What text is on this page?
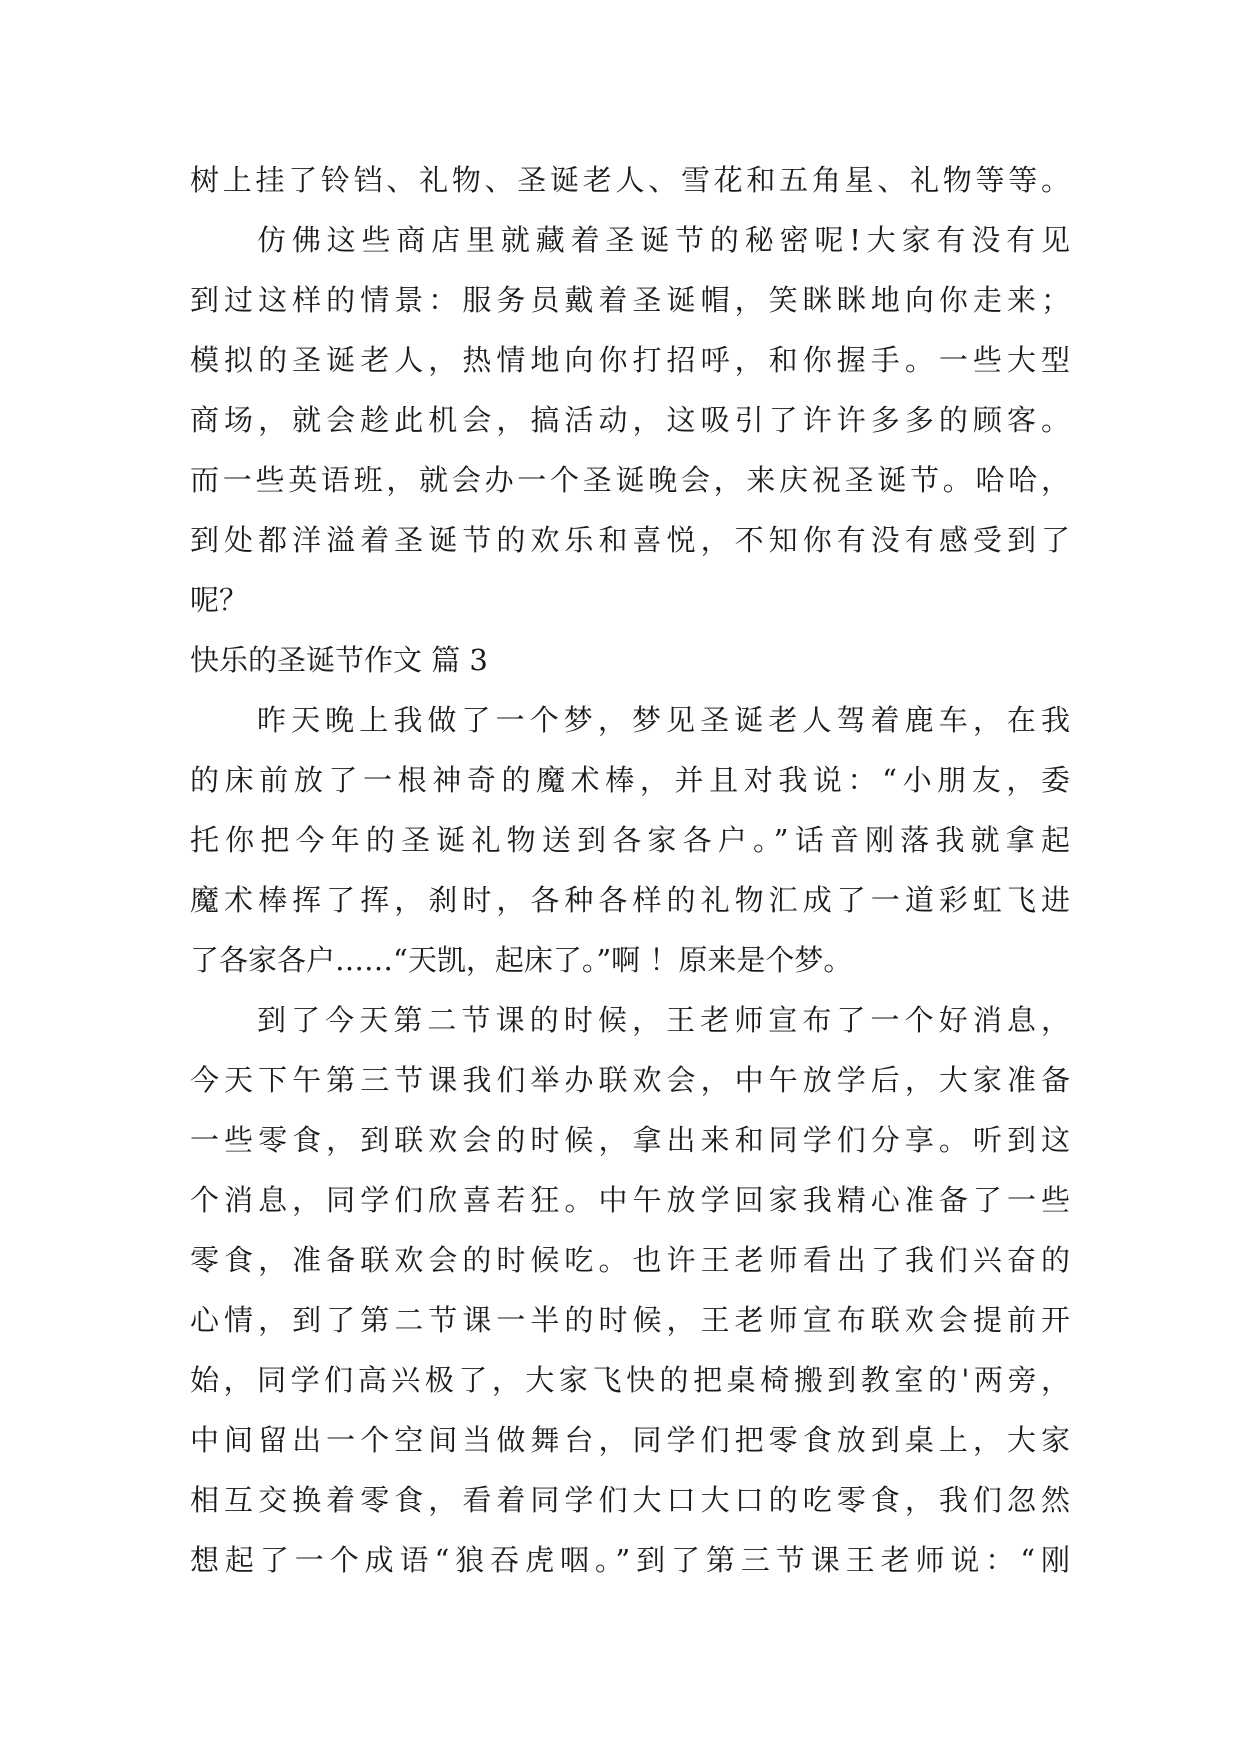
树上挂了铃铛、礼物、圣诞老人、雪花和五角星、礼物等等。
仿佛这些商店里就藏着圣诞节的秘密呢!大家有没有见
到过这样的情景：服务员戴着圣诞帽，笑眯眯地向你走来；
模拟的圣诞老人，热情地向你打招呼，和你握手。一些大型
商场，就会趁此机会，搞活动，这吸引了许许多多的顾客。
而一些英语班，就会办一个圣诞晚会，来庆祝圣诞节。哈哈，
到处都洋溢着圣诞节的欢乐和喜悦，不知你有没有感受到了
呢？
快乐的圣诞节作文 篇 3
昨天晚上我做了一个梦，梦见圣诞老人驾着鹿车，在我
的床前放了一根神奇的魔术棒，并且对我说：“小朋友，委
托你把今年的圣诞礼物送到各家各户。”话音刚落我就拿起
魔术棒挥了挥，刹时，各种各样的礼物汇成了一道彩虹飞进
了各家各户……“天凯，起床了。”啊 ！原来是个梦。
到了今天第二节课的时候，王老师宣布了一个好消息，
今天下午第三节课我们举办联欢会，中午放学后，大家准备
一些零食，到联欢会的时候，拿出来和同学们分享。听到这
个消息，同学们欣喜若狂。中午放学回家我精心准备了一些
零食，准备联欢会的时候吃。也许王老师看出了我们兴奋的
心情，到了第二节课一半的时候，王老师宣布联欢会提前开
始，同学们高兴极了，大家飞快的把桌椅搬到教室的'两旁，
中间留出一个空间当做舞台，同学们把零食放到桌上，大家
相互交换着零食，看着同学们大口大口的吃零食，我们忽然
想起了一个成语“狼吞虎咽。”到了第三节课王老师说：“刚
